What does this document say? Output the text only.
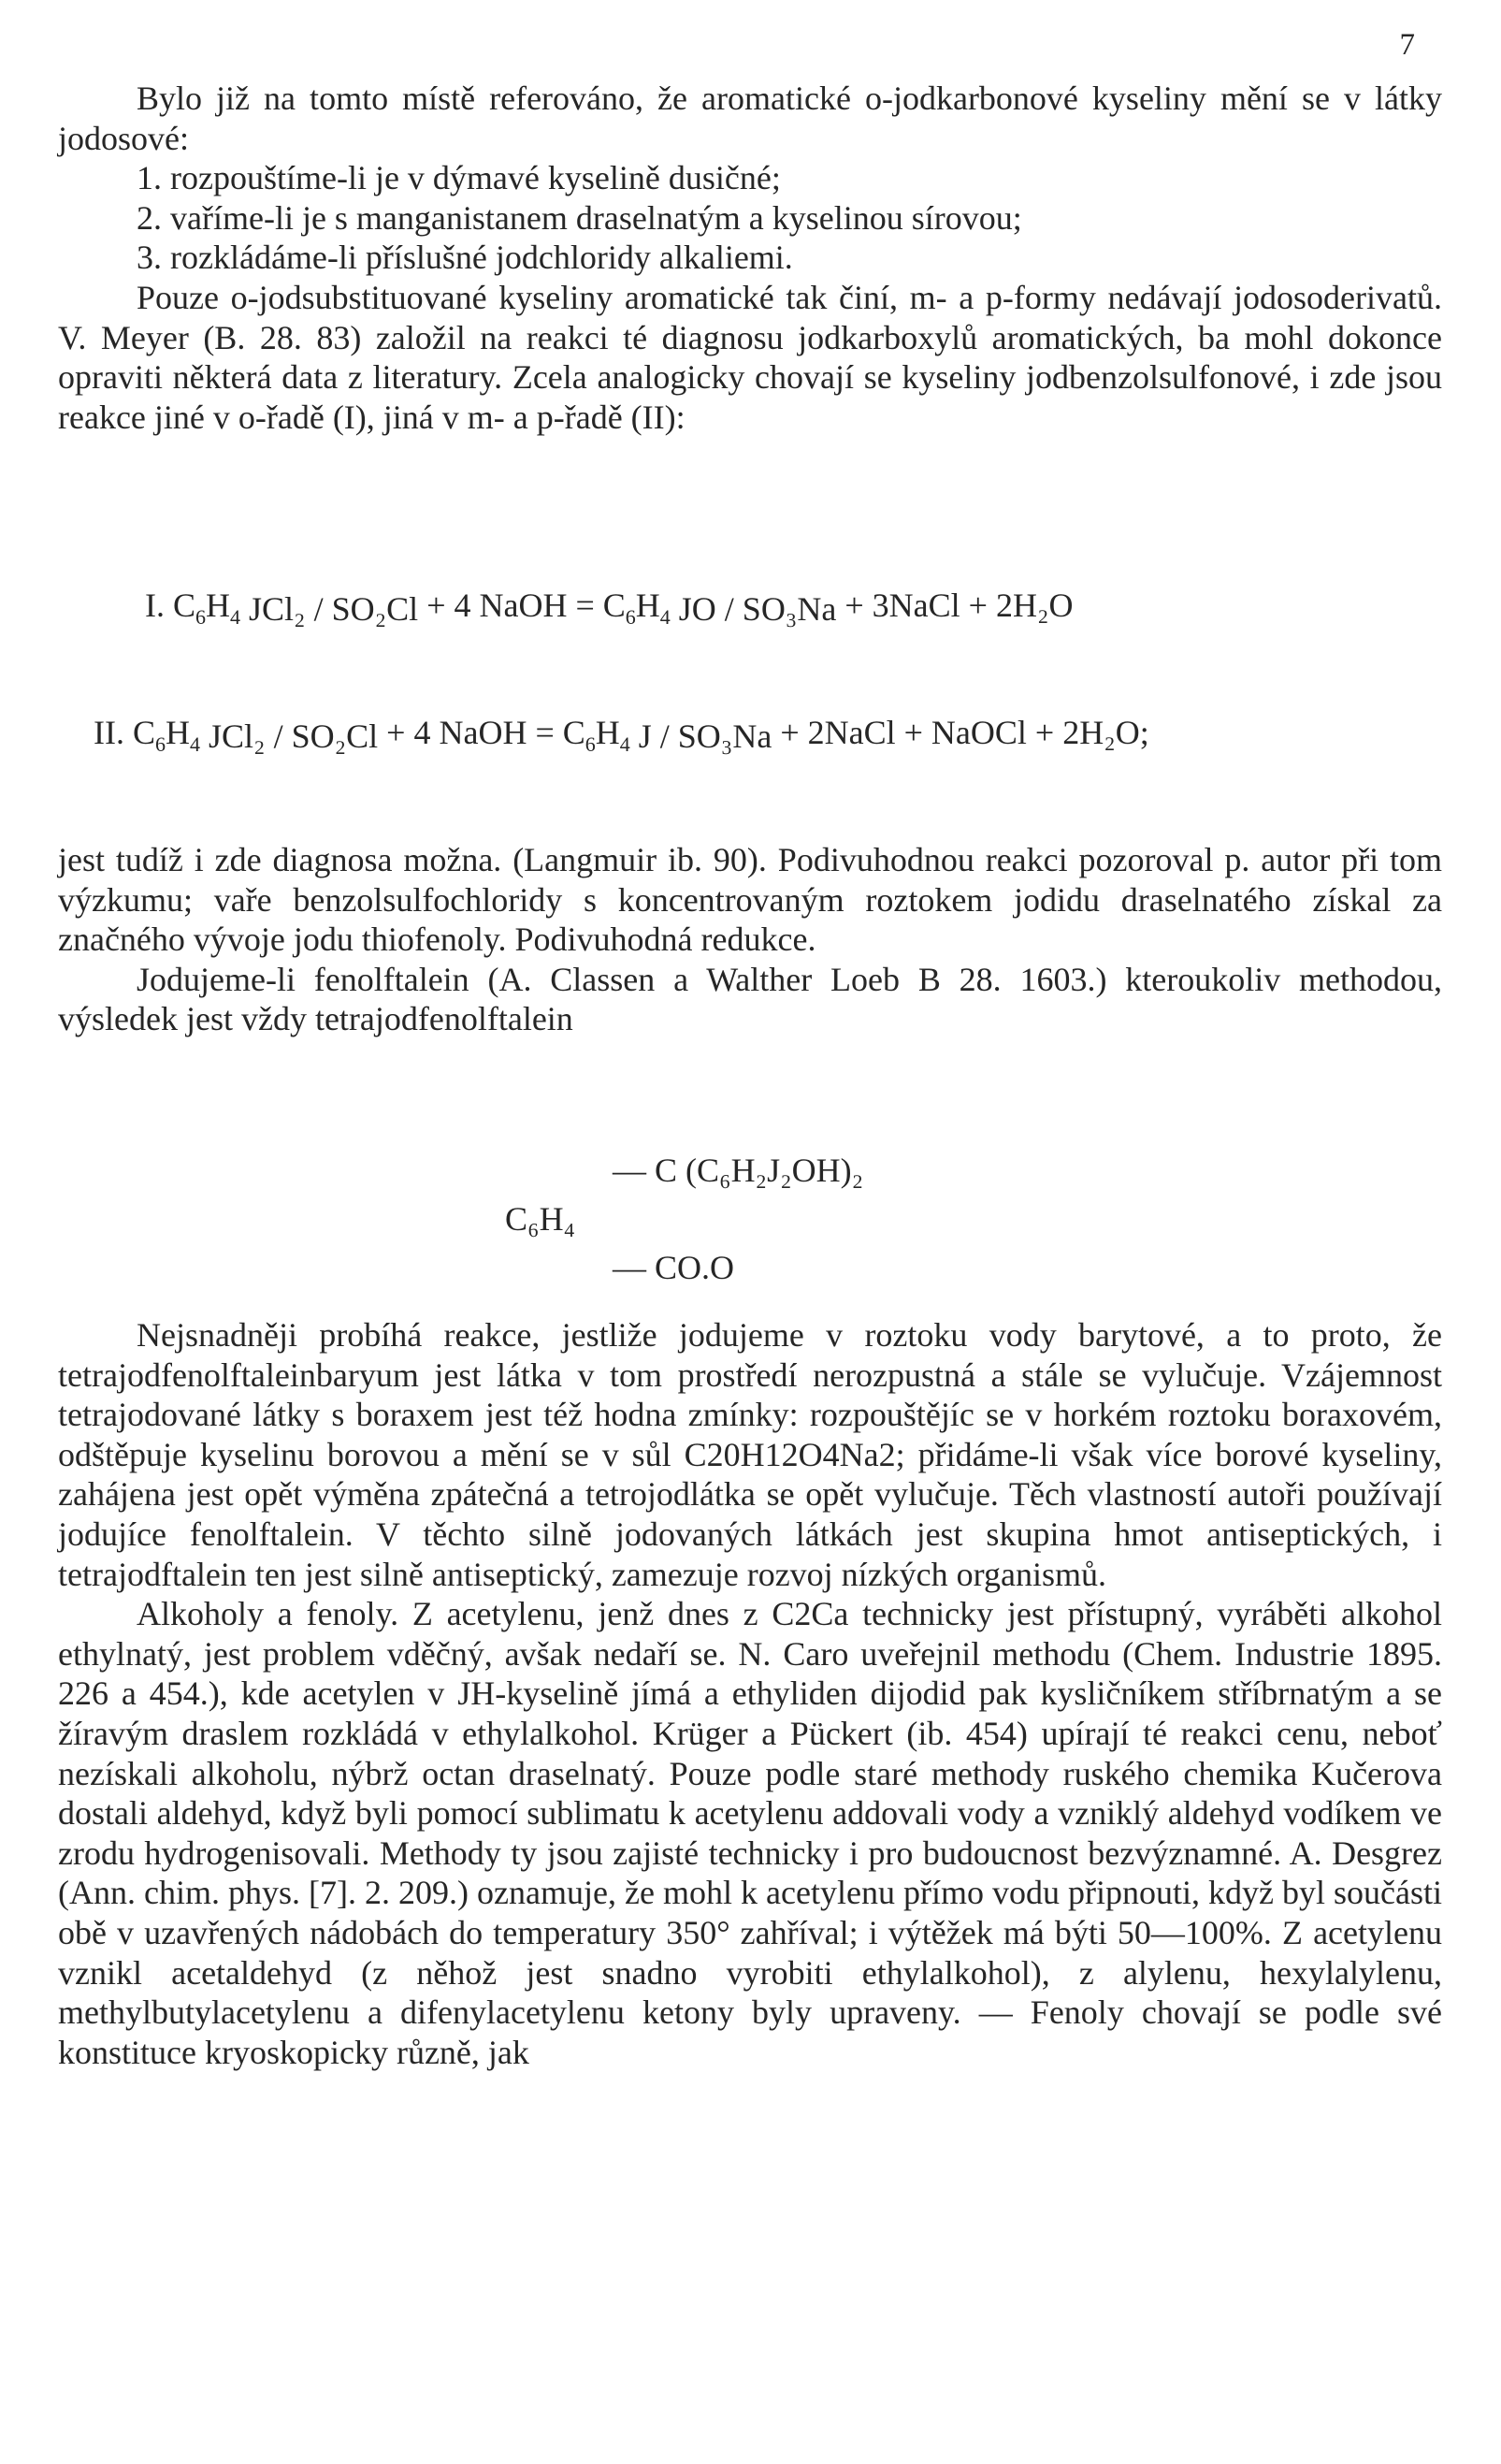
7

Bylo již na tomto místě referováno, že aromatické o-jodkarbonové kyseliny mění se v látky jodosové:

1. rozpouštíme-li je v dýmavé kyselině dusičné;

2. vaříme-li je s manganistanem draselnatým a kyselinou sírovou;

3. rozkládáme-li příslušné jodchloridy alkaliemi.

Pouze o-jodsubstituované kyseliny aromatické tak činí, m- a p-formy nedávají jodosoderivatů. V. Meyer (B. 28. 83) založil na reakci té diagnosu jodkarboxylů aromatických, ba mohl dokonce opraviti některá data z literatury. Zcela analogicky chovají se kyseliny jodbenzolsulfonové, i zde jsou reakce jiné v o-řadě (I), jiná v m- a p-řadě (II):

I. $C_6H_4$ JCl₂ / SO₂Cl + 4 NaOH = $C_6H_4$ JO / SO₃Na + 3NaCl + 2H₂O
II. $C_6H_4$ JCl₂ / SO₂Cl + 4 NaOH = $C_6H_4$ J / SO₃Na + 2NaCl + NaOCl + 2H₂O;

jest tudíž i zde diagnosa možna. (Langmuir ib. 90). Podivuhodnou reakci pozoroval p. autor při tom výzkumu; vaře benzolsulfochloridy s koncentrovaným roztokem jodidu draselnatého získal za značného vývoje jodu thiofenoly. Podivuhodná redukce.

Jodujeme-li fenolftalein (A. Classen a Walther Loeb B 28. 1603.) kteroukoliv methodou, výsledek jest vždy tetrajodfenolftalein

— C (C₆H₂J₂OH)₂
C₆H₄
— CO.O

Nejsnadněji probíhá reakce, jestliže jodujeme v roztoku vody barytové, a to proto, že tetrajodfenolftaleinbaryum jest látka v tom prostředí nerozpustná a stále se vylučuje. Vzájemnost tetrajodované látky s boraxem jest též hodna zmínky: rozpouštějíc se v horkém roztoku boraxovém, odštěpuje kyselinu borovou a mění se v sůl C20H12O4Na2; přidáme-li však více borové kyseliny, zahájena jest opět výměna zpátečná a tetrojodlátka se opět vylučuje. Těch vlastností autoři používají jodujíce fenolftalein. V těchto silně jodovaných látkách jest skupina hmot antiseptických, i tetrajodftalein ten jest silně antiseptický, zamezuje rozvoj nízkých organismů.

Alkoholy a fenoly. Z acetylenu, jenž dnes z C2Ca technicky jest přístupný, vyráběti alkohol ethylnatý, jest problem vděčný, avšak nedaří se. N. Caro uveřejnil methodu (Chem. Industrie 1895. 226 a 454.), kde acetylen v JH-kyselině jímá a ethyliden dijodid pak kysličníkem stříbrnatým a se žíravým draslem rozkládá v ethylalkohol. Krüger a Pückert (ib. 454) upírají té reakci cenu, neboť nezískali alkoholu, nýbrž octan draselnatý. Pouze podle staré methody ruského chemika Kučerova dostali aldehyd, když byli pomocí sublimatu k acetylenu addovali vody a vzniklý aldehyd vodíkem ve zrodu hydrogenisovali. Methody ty jsou zajisté technicky i pro budoucnost bezvýznamné. A. Desgrez (Ann. chim. phys. [7]. 2. 209.) oznamuje, že mohl k acetylenu přímo vodu připnouti, když byl součásti obě v uzavřených nádobách do temperatury 350° zahříval; i výtěžek má býti 50—100%. Z acetylenu vznikl acetaldehyd (z něhož jest snadno vyrobiti ethylalkohol), z alylenu, hexylalylenu, methylbutylacetylenu a difenylacetylenu ketony byly upraveny. — Fenoly chovají se podle své konstituce kryoskopicky různě, jak
